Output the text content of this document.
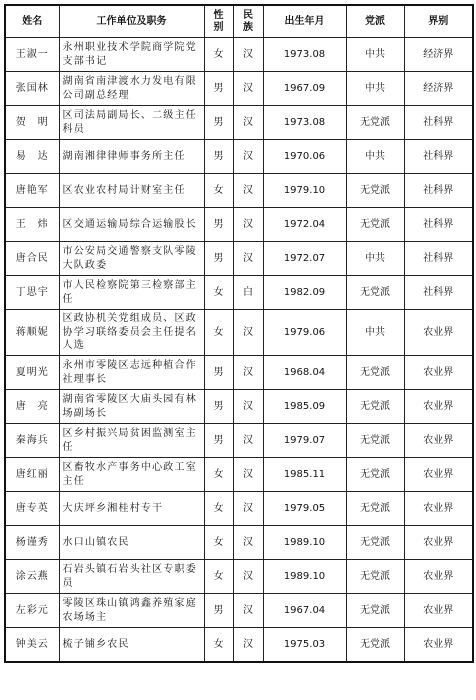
姓名	工作单位及职务	性别	民族	出生年月	党派	界别
王淑一	永州职业技术学院商学院党支部书记	女	汉	1973.08	中共	经济界
张国林	湖南省南津渡水力发电有限公司副总经理	男	汉	1967.09	中共	经济界
贺　明	区司法局副局长、二级主任科员	男	汉	1973.08	无党派	社科界
易　达	湖南湘律律师事务所主任	男	汉	1970.06	中共	社科界
唐艳军	区农业农村局计财室主任	女	汉	1979.10	无党派	社科界
王　炜	区交通运输局综合运输股长	男	汉	1972.04	无党派	社科界
唐合民	市公安局交通警察支队零陵大队政委	男	汉	1972.07	中共	社科界
丁思宇	市人民检察院第三检察部主任	女	白	1982.09	无党派	社科界
蒋顺妮	区政协机关党组成员、区政协学习联络委员会主任提名人选	女	汉	1979.06	中共	农业界
夏明光	永州市零陵区志远种植合作社理事长	男	汉	1968.04	无党派	农业界
唐　亮	湖南省零陵区大庙头园有林场副场长	男	汉	1985.09	无党派	农业界
秦海兵	区乡村振兴局贫困监测室主任	男	汉	1979.07	无党派	农业界
唐红丽	区畜牧水产事务中心政工室主任	女	汉	1985.11	无党派	农业界
唐专英	大庆坪乡湘桂村专干	女	汉	1979.05	无党派	农业界
杨谨秀	水口山镇农民	女	汉	1989.10	无党派	农业界
涂云燕	石岩头镇石岩头社区专职委员	女	汉	1989.10	无党派	农业界
左彩元	零陵区珠山镇鸿鑫养殖家庭农场场主	男	汉	1967.04	无党派	农业界
钟美云	梳子铺乡农民	女	汉	1975.03	无党派	农业界
